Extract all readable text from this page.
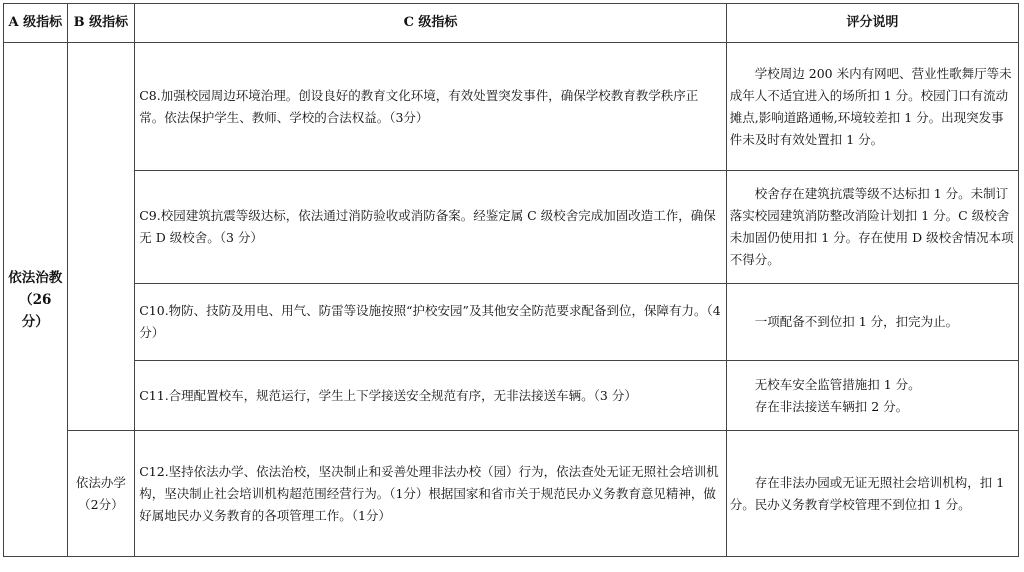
A 级指标	B 级指标	C 级指标	评分说明

依法治教
（26 分）		C8.加强校园周边环境治理。创设良好的教育文化环境，有效处置突发事件，确保学校教育教学秩序正常。依法保护学生、教师、学校的合法权益。（3分）	学校周边 200 米内有网吧、营业性歌舞厅等未成年人不适宜进入的场所扣 1 分。校园门口有流动摊点,影响道路通畅,环境较差扣 1 分。出现突发事件未及时有效处置扣 1 分。

		C9.校园建筑抗震等级达标，依法通过消防验收或消防备案。经鉴定属 C 级校舍完成加固改造工作，确保无 D 级校舍。（3 分）	校舍存在建筑抗震等级不达标扣 1 分。未制订落实校园建筑消防整改消险计划扣 1 分。C 级校舍未加固仍使用扣 1 分。存在使用 D 级校舍情况本项不得分。

		C10.物防、技防及用电、用气、防雷等设施按照“护校安园”及其他安全防范要求配备到位，保障有力。（4分）	一项配备不到位扣 1 分，扣完为止。

		C11.合理配置校车，规范运行，学生上下学接送安全规范有序，无非法接送车辆。（3 分）	无校车安全监管措施扣 1 分。
存在非法接送车辆扣 2 分。

	依法办学
（2分）	C12.坚持依法办学、依法治校，坚决制止和妥善处理非法办校（园）行为，依法查处无证无照社会培训机构，坚决制止社会培训机构超范围经营行为。（1分）根据国家和省市关于规范民办义务教育意见精神，做好属地民办义务教育的各项管理工作。（1分）	存在非法办园或无证无照社会培训机构，扣 1 分。民办义务教育学校管理不到位扣 1 分。
